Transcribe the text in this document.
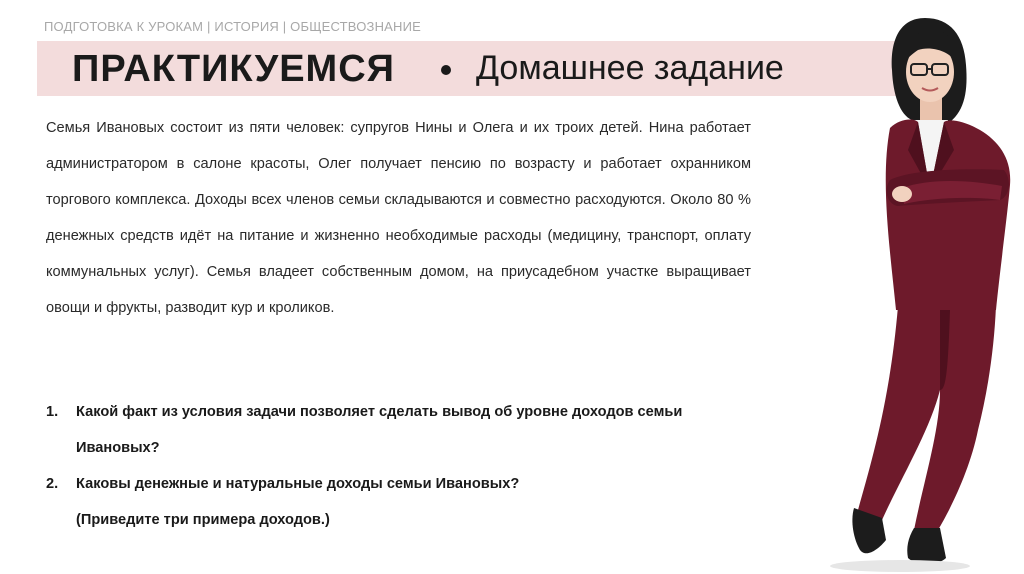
ПОДГОТОВКА К УРОКАМ | ИСТОРИЯ | ОБЩЕСТВОЗНАНИЕ
ПРАКТИКУЕМСЯ Домашнее задание

Семья Ивановых состоит из пяти человек: супругов Нины и Олега и их троих детей. Нина работает администратором в салоне красоты, Олег получает пенсию по возрасту и работает охранником торгового комплекса. Доходы всех членов семьи складываются и совместно расходуются. Около 80 % денежных средств идёт на питание и жизненно необходимые расходы (медицину, транспорт, оплату коммунальных услуг). Семья владеет собственным домом, на приусадебном участке выращивает овощи и фрукты, разводит кур и кроликов.

1. Какой факт из условия задачи позволяет сделать вывод об уровне доходов семьи Ивановых?
2. Каковы денежные и натуральные доходы семьи Ивановых?
(Приведите три примера доходов.)
